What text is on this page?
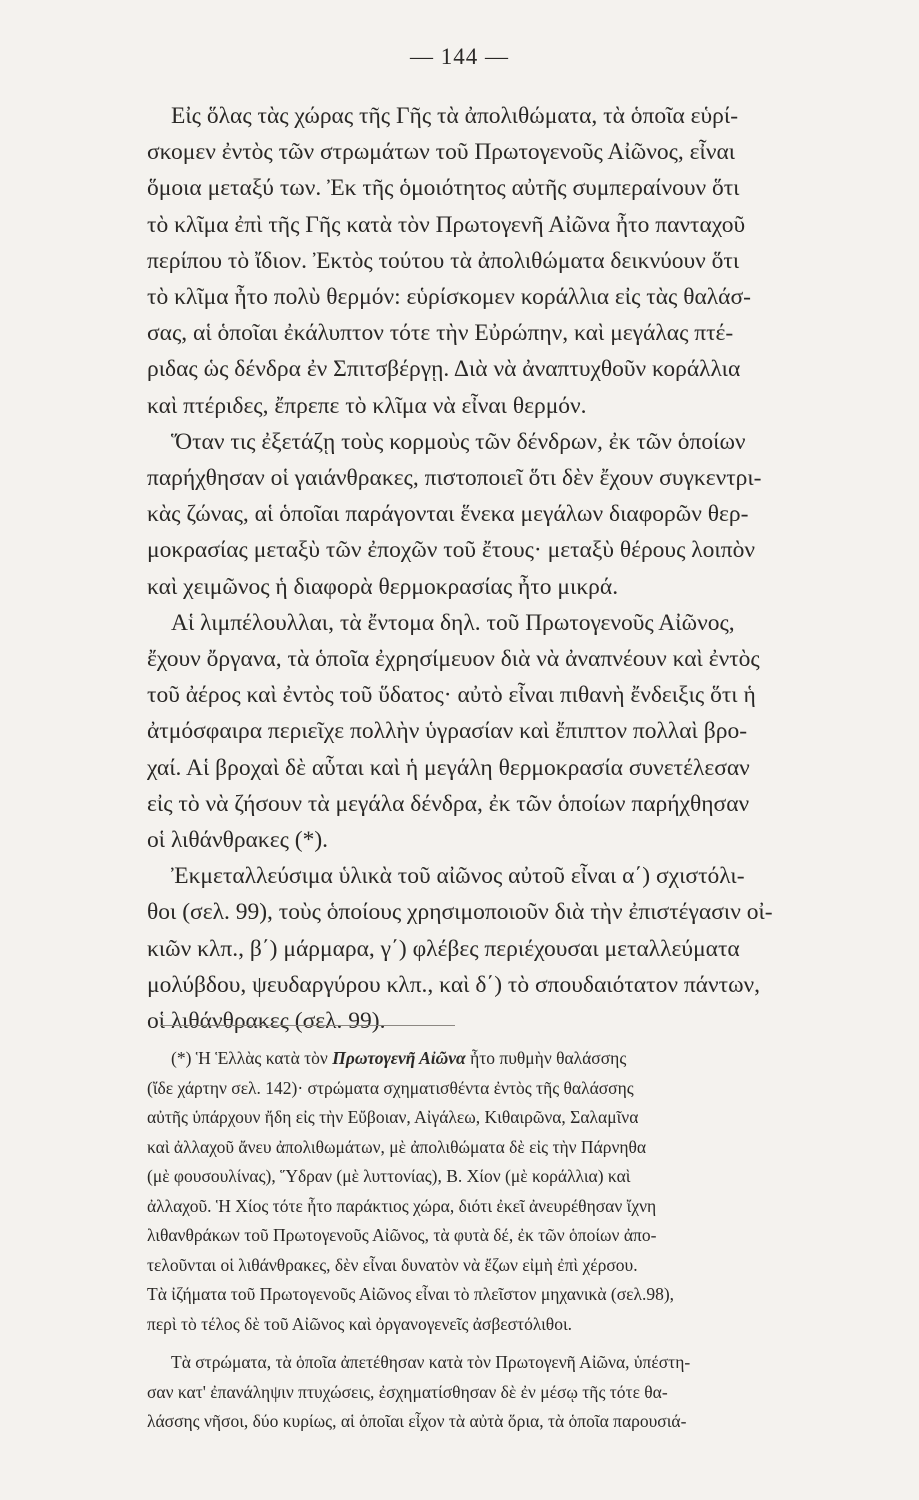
— 144 —
Εἰς ὅλας τὰς χώρας τῆς Γῆς τὰ ἀπολιθώματα, τὰ ὁποῖα εὑρί-
σκομεν ἐντὸς τῶν στρωμάτων τοῦ Πρωτογενοῦς Αἰῶνος, εἶναι
ὅμοια μεταξύ των. Ἐκ τῆς ὁμοιότητος αὐτῆς συμπεραίνουν ὅτι
τὸ κλῖμα ἐπὶ τῆς Γῆς κατὰ τὸν Πρωτογενῆ Αἰῶνα ἦτο πανταχοῦ
περίπου τὸ ἴδιον. Ἐκτὸς τούτου τὰ ἀπολιθώματα δεικνύουν ὅτι
τὸ κλῖμα ἦτο πολὺ θερμόν: εὑρίσκομεν κοράλλια εἰς τὰς θαλάσ-
σας, αἱ ὁποῖαι ἐκάλυπτον τότε τὴν Εὐρώπην, καὶ μεγάλας πτέ-
ριδας ὡς δένδρα ἐν Σπιτσβέργῃ. Διὰ νὰ ἀναπτυχθοῦν κοράλλια
καὶ πτέριδες, ἔπρεπε τὸ κλῖμα νὰ εἶναι θερμόν.
Ὅταν τις ἐξετάζῃ τοὺς κορμοὺς τῶν δένδρων, ἐκ τῶν ὁποίων
παρήχθησαν οἱ γαιάνθρακες, πιστοποιεῖ ὅτι δὲν ἔχουν συγκεντρι-
κὰς ζώνας, αἱ ὁποῖαι παράγονται ἕνεκα μεγάλων διαφορῶν θερ-
μοκρασίας μεταξὺ τῶν ἐποχῶν τοῦ ἔτους· μεταξὺ θέρους λοιπὸν
καὶ χειμῶνος ἡ διαφορὰ θερμοκρασίας ἦτο μικρά.
Αἱ λιμπέλουλλαι, τὰ ἔντομα δηλ. τοῦ Πρωτογενοῦς Αἰῶνος,
ἔχουν ὄργανα, τὰ ὁποῖα ἐχρησίμευον διὰ νὰ ἀναπνέουν καὶ ἐντὸς
τοῦ ἀέρος καὶ ἐντὸς τοῦ ὕδατος· αὐτὸ εἶναι πιθανὴ ἔνδειξις ὅτι ἡ
ἀτμόσφαιρα περιεῖχε πολλὴν ὑγρασίαν καὶ ἔπιπτον πολλαὶ βρο-
χαί. Αἱ βροχαὶ δὲ αὗται καὶ ἡ μεγάλη θερμοκρασία συνετέλεσαν
εἰς τὸ νὰ ζήσουν τὰ μεγάλα δένδρα, ἐκ τῶν ὁποίων παρήχθησαν
οἱ λιθάνθρακες (*).
Ἐκμεταλλεύσιμα ὑλικὰ τοῦ αἰῶνος αὐτοῦ εἶναι α΄) σχιστόλι-
θοι (σελ. 99), τοὺς ὁποίους χρησιμοποιοῦν διὰ τὴν ἐπιστέγασιν οἰ-
κιῶν κλπ., β΄) μάρμαρα, γ΄) φλέβες περιέχουσαι μεταλλεύματα
μολύβδου, ψευδαργύρου κλπ., καὶ δ΄) τὸ σπουδαιότατον πάντων,
οἱ λιθάνθρακες (σελ. 99).
(*) Ἡ Ἑλλὰς κατὰ τὸν Πρωτογενῆ Αἰῶνα ἦτο πυθμὴν θαλάσσης
(ἴδε χάρτην σελ. 142)· στρώματα σχηματισθέντα ἐντὸς τῆς θαλάσσης
αὐτῆς ὑπάρχουν ἤδη εἰς τὴν Εὔβοιαν, Αἰγάλεω, Κιθαιρῶνα, Σαλαμῖνα
καὶ ἀλλαχοῦ ἄνευ ἀπολιθωμάτων, μὲ ἀπολιθώματα δὲ εἰς τὴν Πάρνηθα
(μὲ φουσουλίνας), Ὕδραν (μὲ λυττονίας), Β. Χίον (μὲ κοράλλια) καὶ
ἀλλαχοῦ. Ἡ Χίος τότε ἦτο παράκτιος χώρα, διότι ἐκεῖ ἀνευρέθησαν ἴχνη
λιθανθράκων τοῦ Πρωτογενοῦς Αἰῶνος, τὰ φυτὰ δέ, ἐκ τῶν ὁποίων ἀπο-
τελοῦνται οἱ λιθάνθρακες, δὲν εἶναι δυνατὸν νὰ ἔζων εἰμὴ ἐπὶ χέρσου.
Τὰ ἰζήματα τοῦ Πρωτογενοῦς Αἰῶνος εἶναι τὸ πλεῖστον μηχανικὰ (σελ.98),
περὶ τὸ τέλος δὲ τοῦ Αἰῶνος καὶ ὀργανογενεῖς ἀσβεστόλιθοι.
Τὰ στρώματα, τὰ ὁποῖα ἀπετέθησαν κατὰ τὸν Πρωτογενῆ Αἰῶνα, ὑπέστη-
σαν κατ' ἐπανάληψιν πτυχώσεις, ἐσχηματίσθησαν δὲ ἐν μέσῳ τῆς τότε θα-
λάσσης νῆσοι, δύο κυρίως, αἱ ὁποῖαι εἶχον τὰ αὐτὰ ὅρια, τὰ ὁποῖα παρουσιά-
